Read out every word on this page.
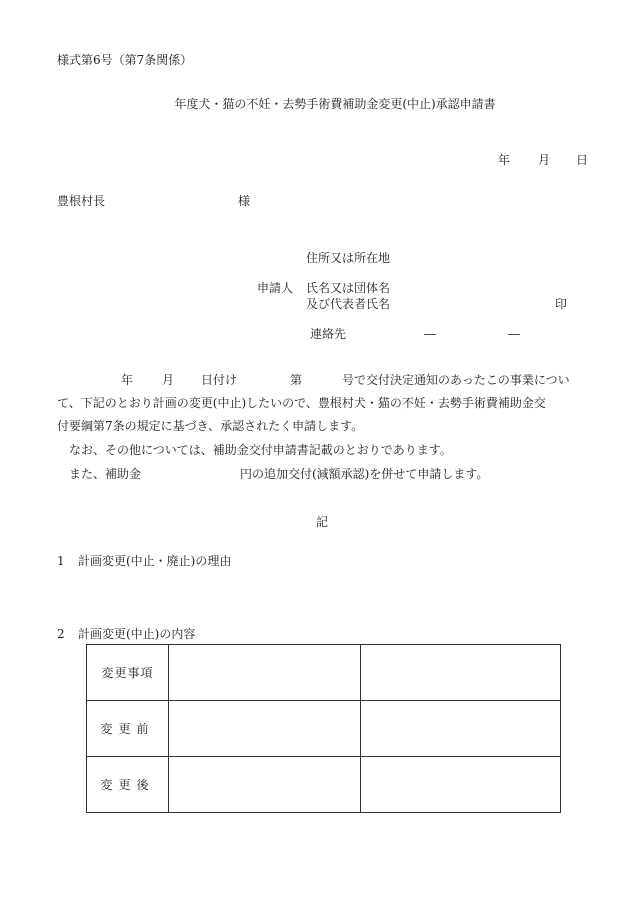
様式第6号（第7条関係）
年度犬・猫の不妊・去勢手術費補助金変更(中止)承認申請書
年 月 日
豊根村長	様
住所又は所在地
申請人 氏名又は団体名
及び代表者氏名	印
連絡先	―	―
年 月 日付け	第	号で交付決定通知のあったこの事業につい
て、下記のとおり計画の変更(中止)したいので、豊根村犬・猫の不妊・去勢手術費補助金交
付要綱第7条の規定に基づき、承認されたく申請します。
なお、その他については、補助金交付申請書記載のとおりであります。
また、補助金	円の追加交付(減額承認)を併せて申請します。
記
1 計画変更(中止・廃止)の理由
2 計画変更(中止)の内容
変更事項		
変更前		
変更後		
